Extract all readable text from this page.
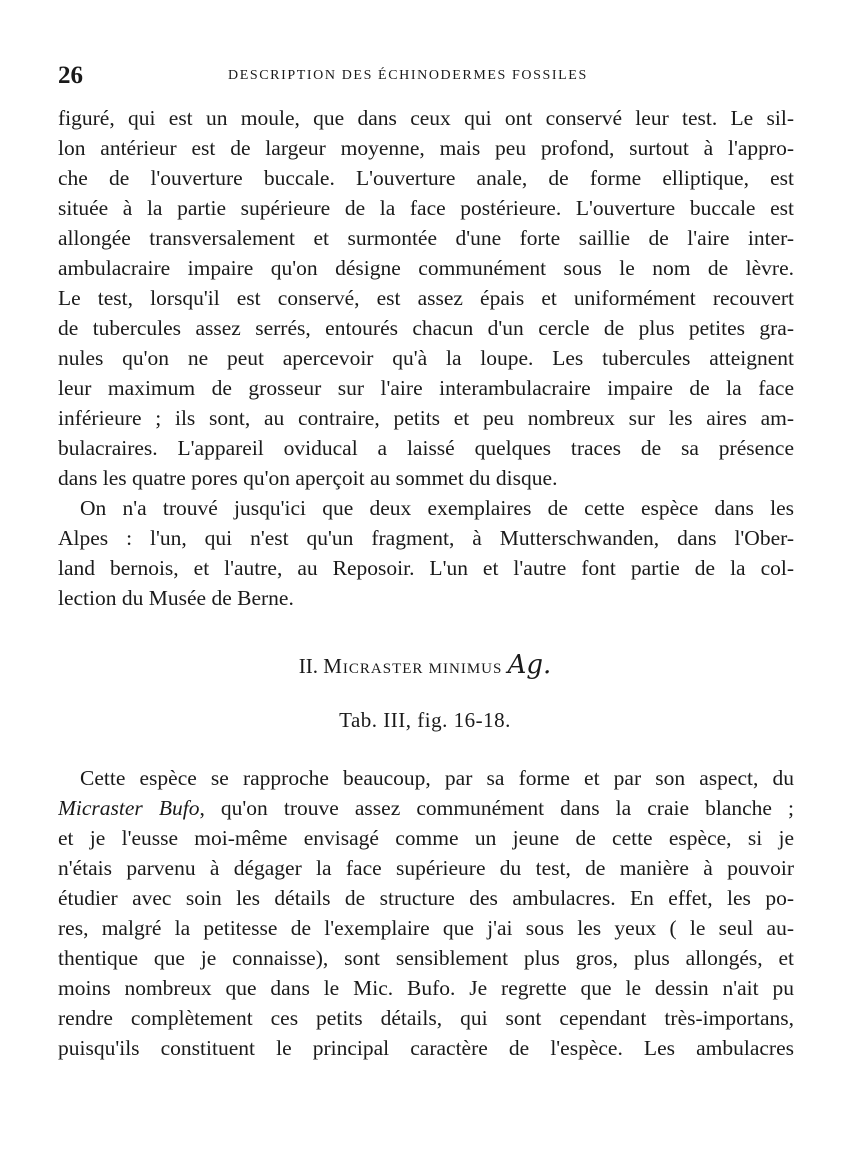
26	DESCRIPTION DES ÉCHINODERMES FOSSILES
figuré, qui est un moule, que dans ceux qui ont conservé leur test. Le sil-
lon antérieur est de largeur moyenne, mais peu profond, surtout à l'appro-
che de l'ouverture buccale. L'ouverture anale, de forme elliptique, est
située à la partie supérieure de la face postérieure. L'ouverture buccale est
allongée transversalement et surmontée d'une forte saillie de l'aire inter-
ambulacraire impaire qu'on désigne communément sous le nom de lèvre.
Le test, lorsqu'il est conservé, est assez épais et uniformément recouvert
de tubercules assez serrés, entourés chacun d'un cercle de plus petites gra-
nules qu'on ne peut apercevoir qu'à la loupe. Les tubercules atteignent
leur maximum de grosseur sur l'aire interambulacraire impaire de la face
inférieure ; ils sont, au contraire, petits et peu nombreux sur les aires am-
bulacraires. L'appareil oviducal a laissé quelques traces de sa présence
dans les quatre pores qu'on aperçoit au sommet du disque.
On n'a trouvé jusqu'ici que deux exemplaires de cette espèce dans les
Alpes : l'un, qui n'est qu'un fragment, à Mutterschwanden, dans l'Ober-
land bernois, et l'autre, au Reposoir. L'un et l'autre font partie de la col-
lection du Musée de Berne.
II. Micraster minimus Ag.
Tab. III, fig. 16-18.
Cette espèce se rapproche beaucoup, par sa forme et par son aspect, du
Micraster Bufo, qu'on trouve assez communément dans la craie blanche ;
et je l'eusse moi-même envisagé comme un jeune de cette espèce, si je
n'étais parvenu à dégager la face supérieure du test, de manière à pouvoir
étudier avec soin les détails de structure des ambulacres. En effet, les po-
res, malgré la petitesse de l'exemplaire que j'ai sous les yeux ( le seul au-
thentique que je connaisse), sont sensiblement plus gros, plus allongés, et
moins nombreux que dans le Mic. Bufo. Je regrette que le dessin n'ait pu
rendre complètement ces petits détails, qui sont cependant très-importans,
puisqu'ils constituent le principal caractère de l'espèce. Les ambulacres
